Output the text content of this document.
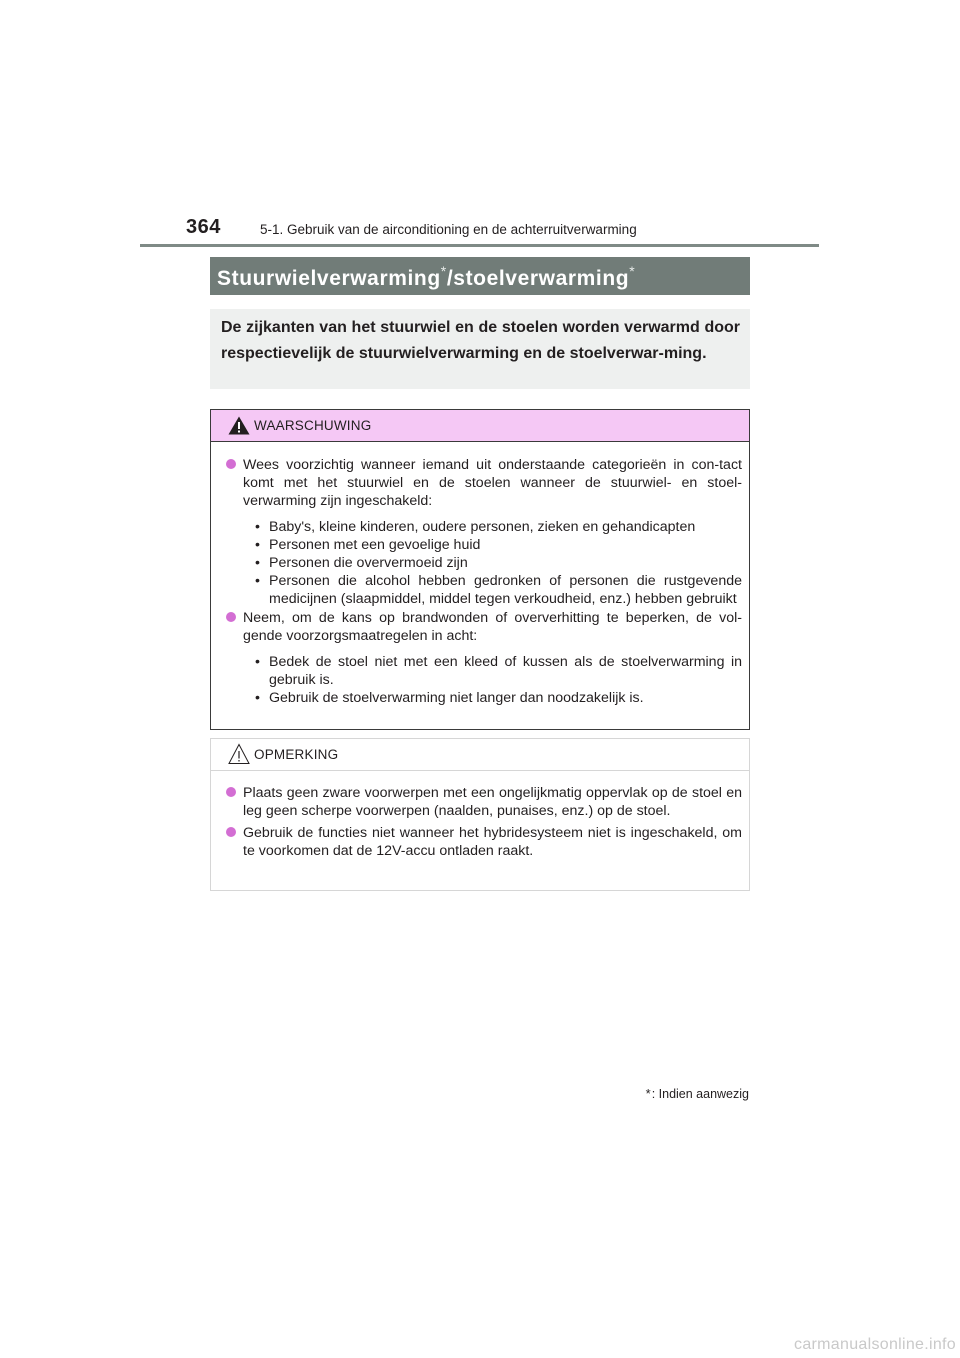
364	5-1. Gebruik van de airconditioning en de achterruitverwarming
Stuurwielverwarming*/stoelverwarming*
De zijkanten van het stuurwiel en de stoelen worden verwarmd door respectievelijk de stuurwielverwarming en de stoelverwar-ming.
WAARSCHUWING
Wees voorzichtig wanneer iemand uit onderstaande categorieën in con-tact komt met het stuurwiel en de stoelen wanneer de stuurwiel- en stoel-verwarming zijn ingeschakeld:
• Baby's, kleine kinderen, oudere personen, zieken en gehandicapten
• Personen met een gevoelige huid
• Personen die oververmoeid zijn
• Personen die alcohol hebben gedronken of personen die rustgevende medicijnen (slaapmiddel, middel tegen verkoudheid, enz.) hebben gebruikt
Neem, om de kans op brandwonden of oververhitting te beperken, de vol-gende voorzorgsmaatregelen in acht:
• Bedek de stoel niet met een kleed of kussen als de stoelverwarming in gebruik is.
• Gebruik de stoelverwarming niet langer dan noodzakelijk is.
OPMERKING
Plaats geen zware voorwerpen met een ongelijkmatig oppervlak op de stoel en leg geen scherpe voorwerpen (naalden, punaises, enz.) op de stoel.
Gebruik de functies niet wanneer het hybridesysteem niet is ingeschakeld, om te voorkomen dat de 12V-accu ontladen raakt.
*: Indien aanwezig
carmanualsonline.info
